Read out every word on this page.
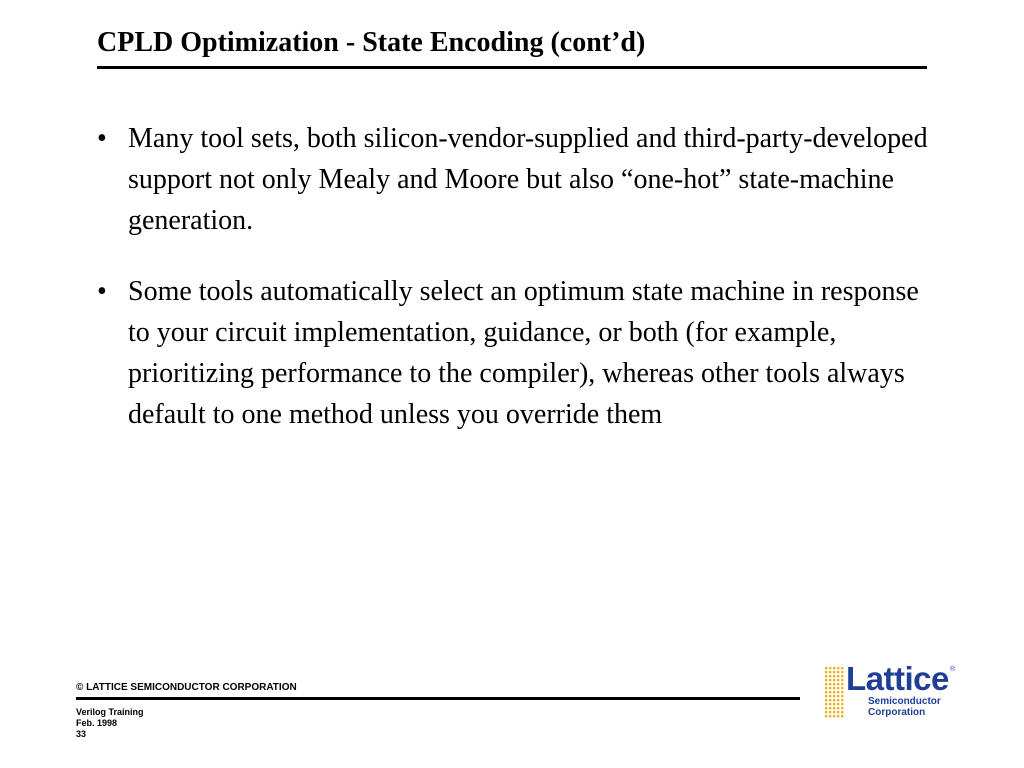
CPLD Optimization - State Encoding (cont’d)
• Many tool sets, both silicon-vendor-supplied and third-party-developed support not only Mealy and Moore but also “one-hot” state-machine generation.
• Some tools automatically select an optimum state machine in response to your circuit implementation, guidance, or both (for example, prioritizing performance to the compiler), whereas other tools always default to one method unless you override them
© LATTICE SEMICONDUCTOR CORPORATION
Verilog Training
Feb. 1998
33
Lattice ®
Semiconductor
Corporation
